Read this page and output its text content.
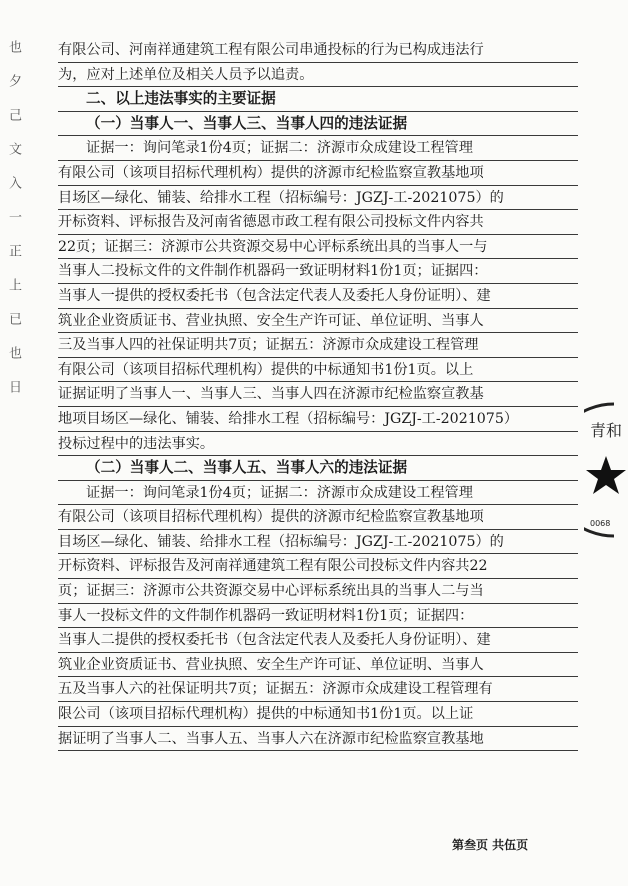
也
夕
己
文
入
一
正
上
已
也
日
有限公司、河南祥通建筑工程有限公司串通投标的行为已构成违法行
为，应对上述单位及相关人员予以追责。
二、以上违法事实的主要证据
（一）当事人一、当事人三、当事人四的违法证据
证据一：询问笔录1份4页；证据二：济源市众成建设工程管理
有限公司（该项目招标代理机构）提供的济源市纪检监察宣教基地项
目场区—绿化、铺装、给排水工程（招标编号：JGZJ-工-2021075）的
开标资料、评标报告及河南省德恩市政工程有限公司投标文件内容共
22页；证据三：济源市公共资源交易中心评标系统出具的当事人一与
当事人二投标文件的文件制作机器码一致证明材料1份1页；证据四：
当事人一提供的授权委托书（包含法定代表人及委托人身份证明）、建
筑业企业资质证书、营业执照、安全生产许可证、单位证明、当事人
三及当事人四的社保证明共7页；证据五：济源市众成建设工程管理
有限公司（该项目招标代理机构）提供的中标通知书1份1页。以上
证据证明了当事人一、当事人三、当事人四在济源市纪检监察宣教基
地项目场区—绿化、铺装、给排水工程（招标编号：JGZJ-工-2021075）
投标过程中的违法事实。
（二）当事人二、当事人五、当事人六的违法证据
证据一：询问笔录1份4页；证据二：济源市众成建设工程管理
有限公司（该项目招标代理机构）提供的济源市纪检监察宣教基地项
目场区—绿化、铺装、给排水工程（招标编号：JGZJ-工-2021075）的
开标资料、评标报告及河南祥通建筑工程有限公司投标文件内容共22
页；证据三：济源市公共资源交易中心评标系统出具的当事人二与当
事人一投标文件的文件制作机器码一致证明材料1份1页；证据四：
当事人二提供的授权委托书（包含法定代表人及委托人身份证明）、建
筑业企业资质证书、营业执照、安全生产许可证、单位证明、当事人
五及当事人六的社保证明共7页；证据五：济源市众成建设工程管理有
限公司（该项目招标代理机构）提供的中标通知书1份1页。以上证
据证明了当事人二、当事人五、当事人六在济源市纪检监察宣教基地
青和
0068
第叁页 共伍页
